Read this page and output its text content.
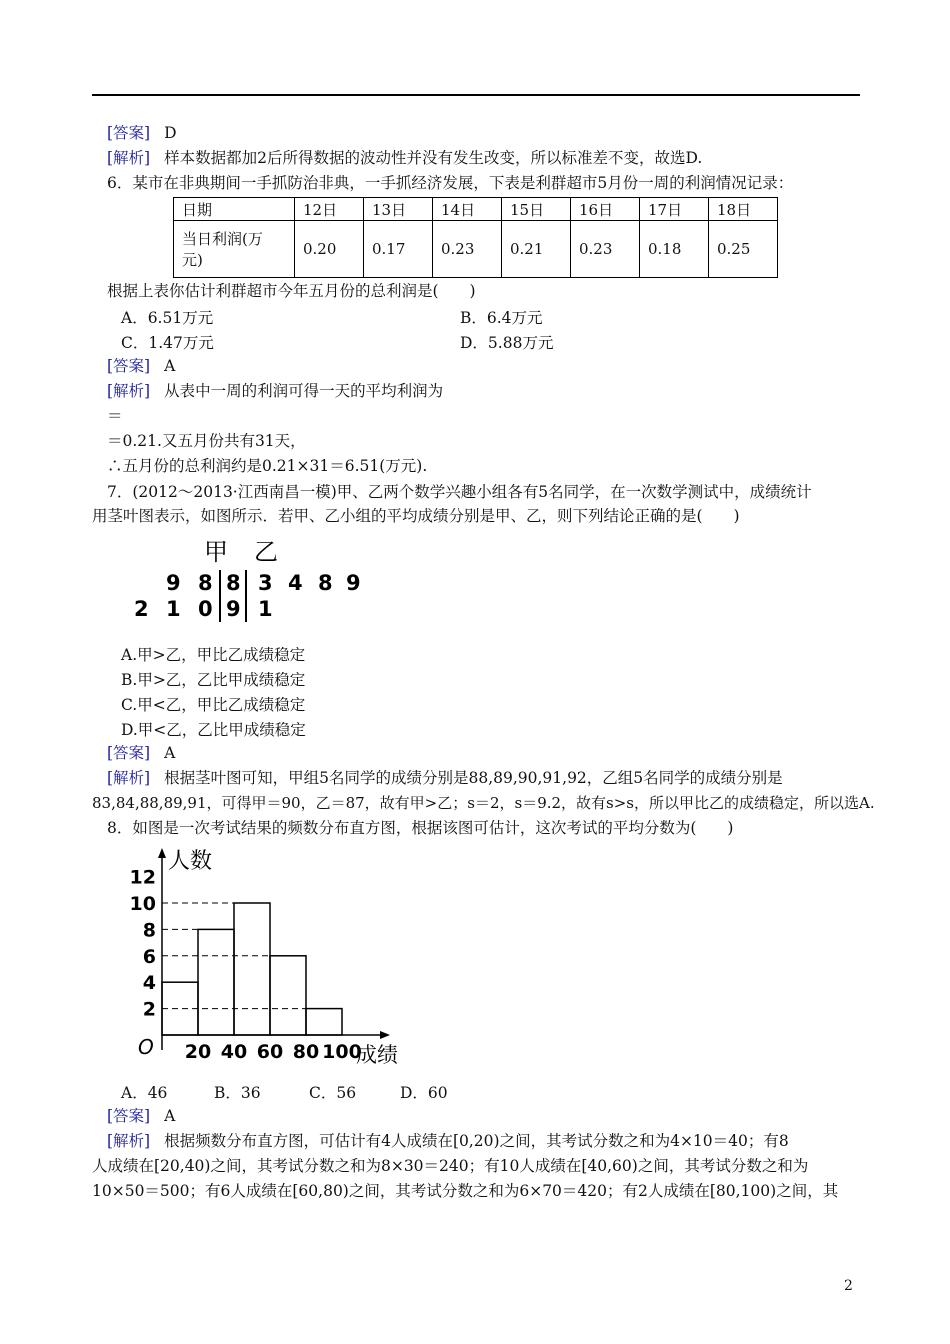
[答案] D
[解析] 样本数据都加2后所得数据的波动性并没有发生改变，所以标准差不变，故选D.
6．某市在非典期间一手抓防治非典，一手抓经济发展，下表是利群超市5月份一周的利润情况记录：
日期	12日	13日	14日	15日	16日	17日	18日

当日利润(万
元)	0.20	0.17	0.23	0.21	0.23	0.18	0.25
根据上表你估计利群超市今年五月份的总利润是(　　)
A．6.51万元	B．6.4万元
C．1.47万元	D．5.88万元
[答案] A
[解析] 从表中一周的利润可得一天的平均利润为
＝
＝0.21.又五月份共有31天，
∴五月份的总利润约是0.21×31＝6.51(万元).
7．(2012～2013·江西南昌一模)甲、乙两个数学兴趣小组各有5名同学，在一次数学测试中，成绩统计
用茎叶图表示，如图所示．若甲、乙小组的平均成绩分别是甲、乙，则下列结论正确的是(　　)
甲 乙
9 8 8 3 4 8 9
2 1 0 9 1
A.甲>乙，甲比乙成绩稳定
B.甲>乙，乙比甲成绩稳定
C.甲<乙，甲比乙成绩稳定
D.甲<乙，乙比甲成绩稳定
[答案] A
[解析] 根据茎叶图可知，甲组5名同学的成绩分别是88,89,90,91,92，乙组5名同学的成绩分别是
83,84,88,89,91，可得甲＝90，乙＝87，故有甲>乙；s＝2，s＝9.2，故有s>s，所以甲比乙的成绩稳定，所以选A.
8．如图是一次考试结果的频数分布直方图，根据该图可估计，这次考试的平均分数为(　　)
2
4
6
8
10
12
20 40 60 80 100
人数
成绩
O
A．46	B．36	C．56	D．60
[答案] A
[解析] 根据频数分布直方图，可估计有4人成绩在[0,20)之间，其考试分数之和为4×10＝40；有8
人成绩在[20,40)之间，其考试分数之和为8×30＝240；有10人成绩在[40,60)之间，其考试分数之和为
10×50＝500；有6人成绩在[60,80)之间，其考试分数之和为6×70＝420；有2人成绩在[80,100)之间，其
2
